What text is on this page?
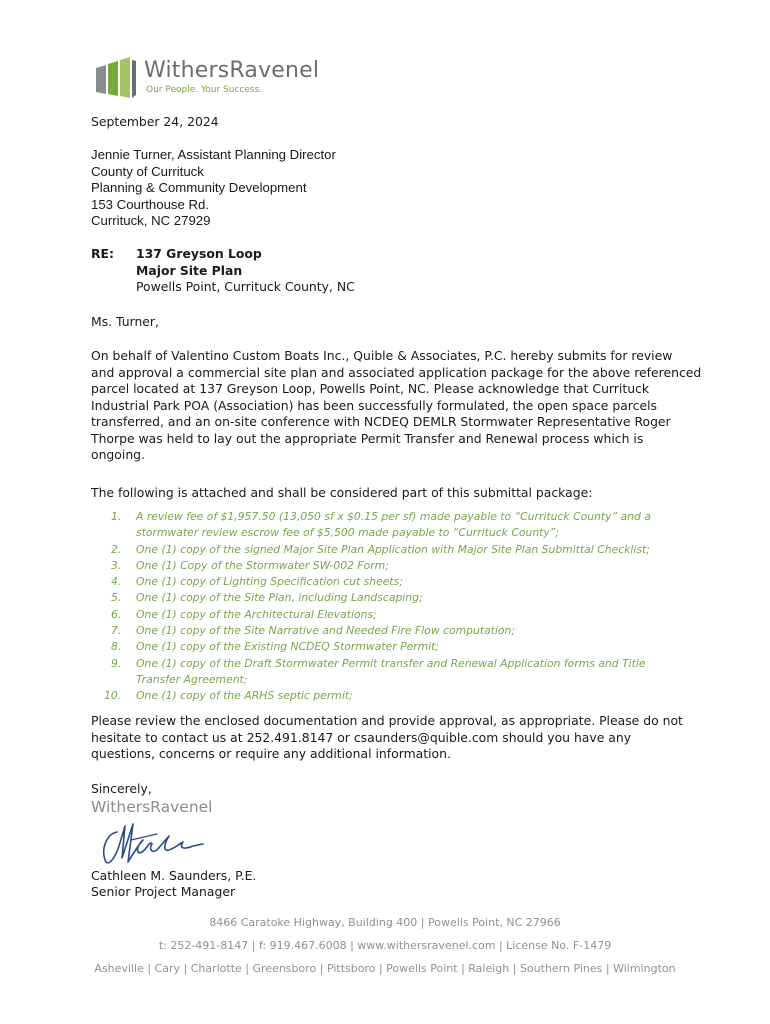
WithersRavenel
Our People. Your Success.
September 24, 2024
Jennie Turner, Assistant Planning Director
County of Currituck
Planning & Community Development
153 Courthouse Rd.
Currituck, NC 27929
RE: 137 Greyson Loop
Major Site Plan
Powells Point, Currituck County, NC
Ms. Turner,
On behalf of Valentino Custom Boats Inc., Quible & Associates, P.C. hereby submits for review
and approval a commercial site plan and associated application package for the above referenced
parcel located at 137 Greyson Loop, Powells Point, NC. Please acknowledge that Currituck
Industrial Park POA (Association) has been successfully formulated, the open space parcels
transferred, and an on-site conference with NCDEQ DEMLR Stormwater Representative Roger
Thorpe was held to lay out the appropriate Permit Transfer and Renewal process which is
ongoing.
The following is attached and shall be considered part of this submittal package:
1. A review fee of $1,957.50 (13,050 sf x $0.15 per sf) made payable to “Currituck County” and a
stormwater review escrow fee of $5,500 made payable to “Currituck County”;
2. One (1) copy of the signed Major Site Plan Application with Major Site Plan Submittal Checklist;
3. One (1) Copy of the Stormwater SW-002 Form;
4. One (1) copy of Lighting Specification cut sheets;
5. One (1) copy of the Site Plan, including Landscaping;
6. One (1) copy of the Architectural Elevations;
7. One (1) copy of the Site Narrative and Needed Fire Flow computation;
8. One (1) copy of the Existing NCDEQ Stormwater Permit;
9. One (1) copy of the Draft Stormwater Permit transfer and Renewal Application forms and Title
Transfer Agreement;
10. One (1) copy of the ARHS septic permit;
Please review the enclosed documentation and provide approval, as appropriate. Please do not
hesitate to contact us at 252.491.8147 or csaunders@quible.com should you have any
questions, concerns or require any additional information.
Sincerely,
WithersRavenel
Cathleen M. Saunders, P.E.
Senior Project Manager
8466 Caratoke Highway, Building 400 | Powells Point, NC 27966
t: 252-491-8147 | f: 919.467.6008 | www.withersravenel.com | License No. F-1479
Asheville | Cary | Charlotte | Greensboro | Pittsboro | Powells Point | Raleigh | Southern Pines | Wilmington
